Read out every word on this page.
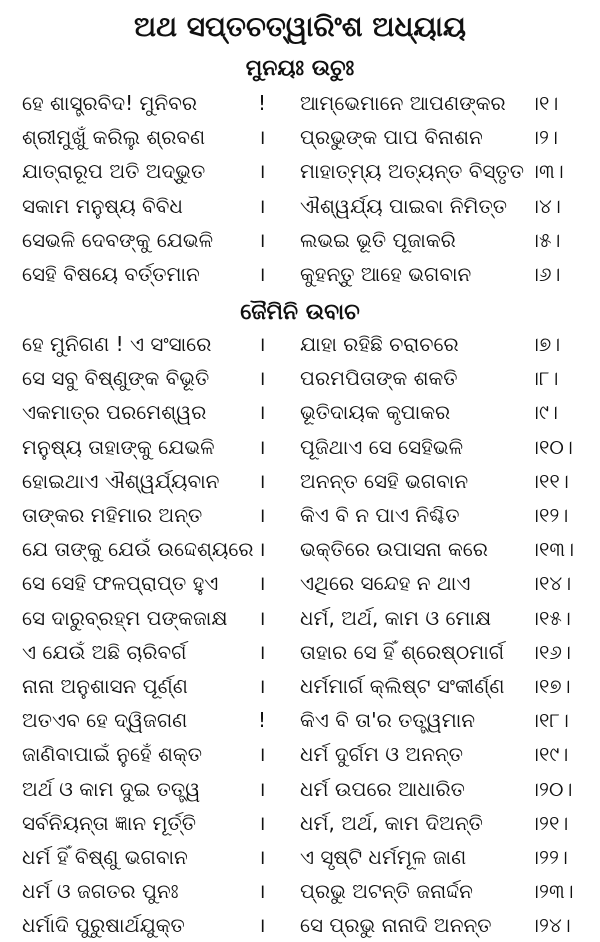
ଅଥ ସପ୍ତଚତ୍ୱାରିଂଶ ଅଧ୍ୟାୟ
ମୁନୟଃ ଉଚୁଃ
ହେ ଶାସ୍ତ୍ରବିଦ! ମୁନିବର	! ଆମ୍ଭେମାନେ ଆପଣଙ୍କର ।୧।
ଶ୍ରୀମୁଖୁଁ କରିଲୁ ଶ୍ରବଣ	। ପ୍ରଭୁଙ୍କ ପାପ ବିନାଶନ ।୨।
ଯାତ୍ରାରୂପ ଅତି ଅଦ୍ଭୁତ	। ମାହାତ୍ମ୍ୟ ଅତ୍ୟନ୍ତ ବିସ୍ତୃତ ।୩।
ସକାମ ମନୁଷ୍ୟ ବିବିଧ	। ଐଶ୍ୱର୍ଯ୍ୟ ପାଇବା ନିମିତ୍ତ ।୪।
ସେଭଳି ଦେବଙ୍କୁ ଯେଭଳି । ଲଭଇ ଭୂତି ପୂଜାକରି	।୫।
ସେହି ବିଷୟେ ବର୍ତ୍ତମାନ	। କୁହନ୍ତୁ ଆହେ ଭଗବାନ	।୬।
ଜୈମିନି ଉବାଚ
ହେ ମୁନିଗଣ ! ଏ ସଂସାରେ । ଯାହା ରହିଛି ଚରାଚରେ	।୭।
ସେ ସବୁ ବିଷ୍ଣୁଙ୍କ ବିଭୂତି । ପରମପିତାଙ୍କ ଶକତି	।୮।
ଏକମାତ୍ର ପରମେଶ୍ୱର	। ଭୂତିଦାୟକ କୃପାକର	।୯।
ମନୁଷ୍ୟ ତାହାଙ୍କୁ ଯେଭଳି । ପୂଜିଥାଏ ସେ ସେହିଭଳି	।୧୦।
ହୋଇଥାଏ ଐଶ୍ୱର୍ଯ୍ୟବାନ । ଅନନ୍ତ ସେହି ଭଗବାନ	।୧୧।
ତାଙ୍କର ମହିମାର ଅନ୍ତ	। କିଏ ବି ନ ପାଏ ନିଶ୍ଚିତ	।୧୨।
ଯେ ତାଙ୍କୁ ଯେଉଁ ଉଦ୍ଦେଶ୍ୟରେ । ଭକ୍ତିରେ ଉପାସନା କରେ ।୧୩।
ସେ ସେହି ଫଳପ୍ରାପ୍ତ ହୁଏ । ଏଥିରେ ସନ୍ଦେହ ନ ଥାଏ	।୧୪।
ସେ ଦାରୁବ୍ରହ୍ମ ପଙ୍କଜାକ୍ଷ । ଧର୍ମ, ଅର୍ଥ, କାମ ଓ ମୋକ୍ଷ ।୧୫।
ଏ ଯେଉଁ ଅଛି ଚାରିବର୍ଗ	। ତାହାର ସେ ହିଁ ଶ୍ରେଷ୍ଠମାର୍ଗ ।୧୬।
ନାନା ଅନୁଶାସନ ପୂର୍ଣ୍ଣ	। ଧର୍ମମାର୍ଗ କ୍ଲିଷ୍ଟ ସଂକୀର୍ଣ୍ଣ ।୧୭।
ଅତଏବ ହେ ଦ୍ୱିଜଗଣ	! କିଏ ବି ତା'ର ତତ୍ତ୍ୱମାନ	।୧୮।
ଜାଣିବାପାଇଁ ନୁହେଁ ଶକ୍ତ	। ଧର୍ମ ଦୁର୍ଗମ ଓ ଅନନ୍ତ	।୧୯।
ଅର୍ଥ ଓ କାମ ଦୁଇ ତତ୍ତ୍ୱ	। ଧର୍ମ ଉପରେ ଆଧାରିତ	।୨୦।
ସର୍ବନିୟନ୍ତା ଜ୍ଞାନ ମୂର୍ତ୍ତି	। ଧର୍ମ, ଅର୍ଥ, କାମ ଦିଅନ୍ତି ।୨୧।
ଧର୍ମ ହିଁ ବିଷ୍ଣୁ ଭଗବାନ	। ଏ ସୃଷ୍ଟି ଧର୍ମମୂଳ ଜାଣ	।୨୨।
ଧର୍ମ ଓ ଜଗତର ପୁନଃ	। ପ୍ରଭୁ ଅଟନ୍ତି ଜନାର୍ଦ୍ଦନ	।୨୩।
ଧର୍ମାଦି ପୁରୁଷାର୍ଥଯୁକ୍ତ	। ସେ ପ୍ରଭୁ ନାନାଦି ଅନନ୍ତ ।୨୪।
